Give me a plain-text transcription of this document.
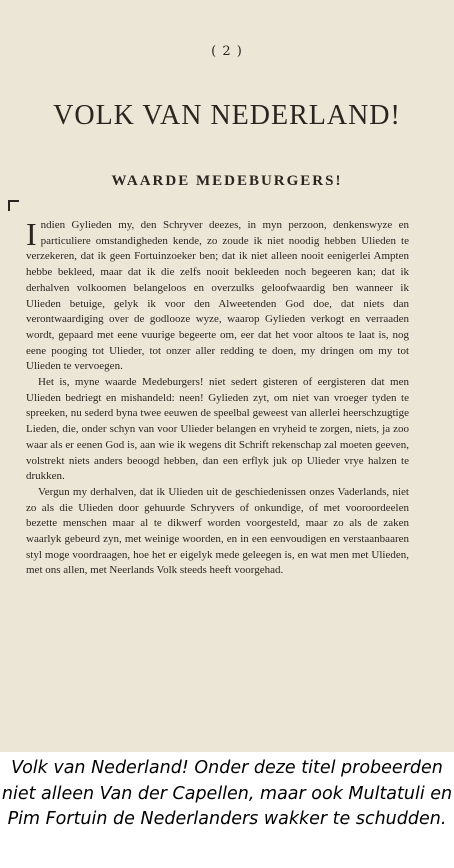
( 2 )
VOLK VAN NEDERLAND!
WAARDE MEDEBURGERS!

Indien Gylieden my, den Schryver deezes, in myn perzoon, denkenswyze en particuliere omstandigheden kende, zo zoude ik niet noodig hebben Ulieden te verzekeren, dat ik geen Fortuinzoeker ben; dat ik niet alleen nooit eenigerlei Ampten hebbe bekleed, maar dat ik die zelfs nooit bekleeden noch begeeren kan; dat ik derhalven volkoomen belangeloos en overzulks geloofwaardig ben wanneer ik Ulieden betuige, gelyk ik voor den Alweetenden God doe, dat niets dan verontwaardiging over de godlooze wyze, waarop Gylieden verkogt en verraaden wordt, gepaard met eene vuurige begeerte om, eer dat het voor altoos te laat is, nog eene pooging tot Ulieder, tot onzer aller redding te doen, my dringen om my tot Ulieden te vervoegen.

Het is, myne waarde Medeburgers! niet sedert gisteren of eergisteren dat men Ulieden bedriegt en mishandeld: neen! Gylieden zyt, om niet van vroeger tyden te spreeken, nu sederd byna twee eeuwen de speelbal geweest van allerlei heerschzugtige Lieden, die, onder schyn van voor Ulieder belangen en vryheid te zorgen, niets, ja zoo waar als er eenen God is, aan wie ik wegens dit Schrift rekenschap zal moeten geeven, volstrekt niets anders beoogd hebben, dan een erflyk juk op Ulieder vrye halzen te drukken.

Vergun my derhalven, dat ik Ulieden uit de geschiedenissen onzes Vaderlands, niet zo als die Ulieden door gehuurde Schryvers of onkundige, of met vooroordeelen bezette menschen maar al te dikwerf worden voorgesteld, maar zo als de zaken waarlyk gebeurd zyn, met weinige woorden, en in een eenvoudigen en verstaanbaaren styl moge voordraagen, hoe het er eigelyk mede geleegen is, en wat men met Ulieden, met ons allen, met Neerlands Volk steeds heeft voorgehad.

Volk van Nederland! Onder deze titel probeerden niet alleen Van der Capellen, maar ook Multatuli en Pim Fortuin de Nederlanders wakker te schudden.
